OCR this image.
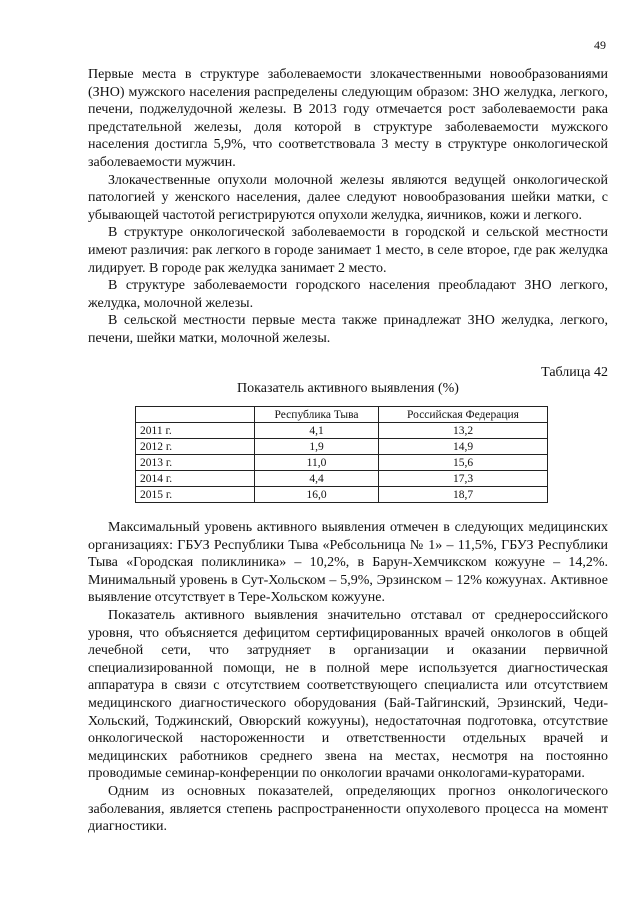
49

Первые места в структуре заболеваемости злокачественными новообразованиями (ЗНО) мужского населения распределены следующим образом: ЗНО желудка, легкого, печени, поджелудочной железы. В 2013 году отмечается рост заболеваемости рака предстательной железы, доля которой в структуре заболеваемости мужского населения достигла 5,9%, что соответствовала 3 месту в структуре онкологической заболеваемости мужчин.

Злокачественные опухоли молочной железы являются ведущей онкологической патологией у женского населения, далее следуют новообразования шейки матки, с убывающей частотой регистрируются опухоли желудка, яичников, кожи и легкого.

В структуре онкологической заболеваемости в городской и сельской местности имеют различия: рак легкого в городе занимает 1 место, в селе второе, где рак желудка лидирует. В городе рак желудка занимает 2 место.

В структуре заболеваемости городского населения преобладают ЗНО легкого, желудка, молочной железы.

В сельской местности первые места также принадлежат ЗНО желудка, легкого, печени, шейки матки, молочной железы.

Таблица 42
Показатель активного выявления (%)
	Республика Тыва	Российская Федерация
2011 г.	4,1	13,2
2012 г.	1,9	14,9
2013 г.	11,0	15,6
2014 г.	4,4	17,3
2015 г.	16,0	18,7

Максимальный уровень активного выявления отмечен в следующих медицинских организациях: ГБУЗ Республики Тыва «Ребсольница № 1» – 11,5%, ГБУЗ Республики Тыва «Городская поликлиника» – 10,2%, в Барун-Хемчикском кожууне – 14,2%. Минимальный уровень в Сут-Хольском – 5,9%, Эрзинском – 12% кожуунах. Активное выявление отсутствует в Тере-Хольском кожууне.

Показатель активного выявления значительно отставал от среднероссийского уровня, что объясняется дефицитом сертифицированных врачей онкологов в общей лечебной сети, что затрудняет в организации и оказании первичной специализированной помощи, не в полной мере используется диагностическая аппаратура в связи с отсутствием соответствующего специалиста или отсутствием медицинского диагностического оборудования (Бай-Тайгинский, Эрзинский, Чеди-Хольский, Тоджинский, Овюрский кожууны), недостаточная подготовка, отсутствие онкологической настороженности и ответственности отдельных врачей и медицинских работников среднего звена на местах, несмотря на постоянно проводимые семинар-конференции по онкологии врачами онкологами-кураторами.

Одним из основных показателей, определяющих прогноз онкологического заболевания, является степень распространенности опухолевого процесса на момент диагностики.
